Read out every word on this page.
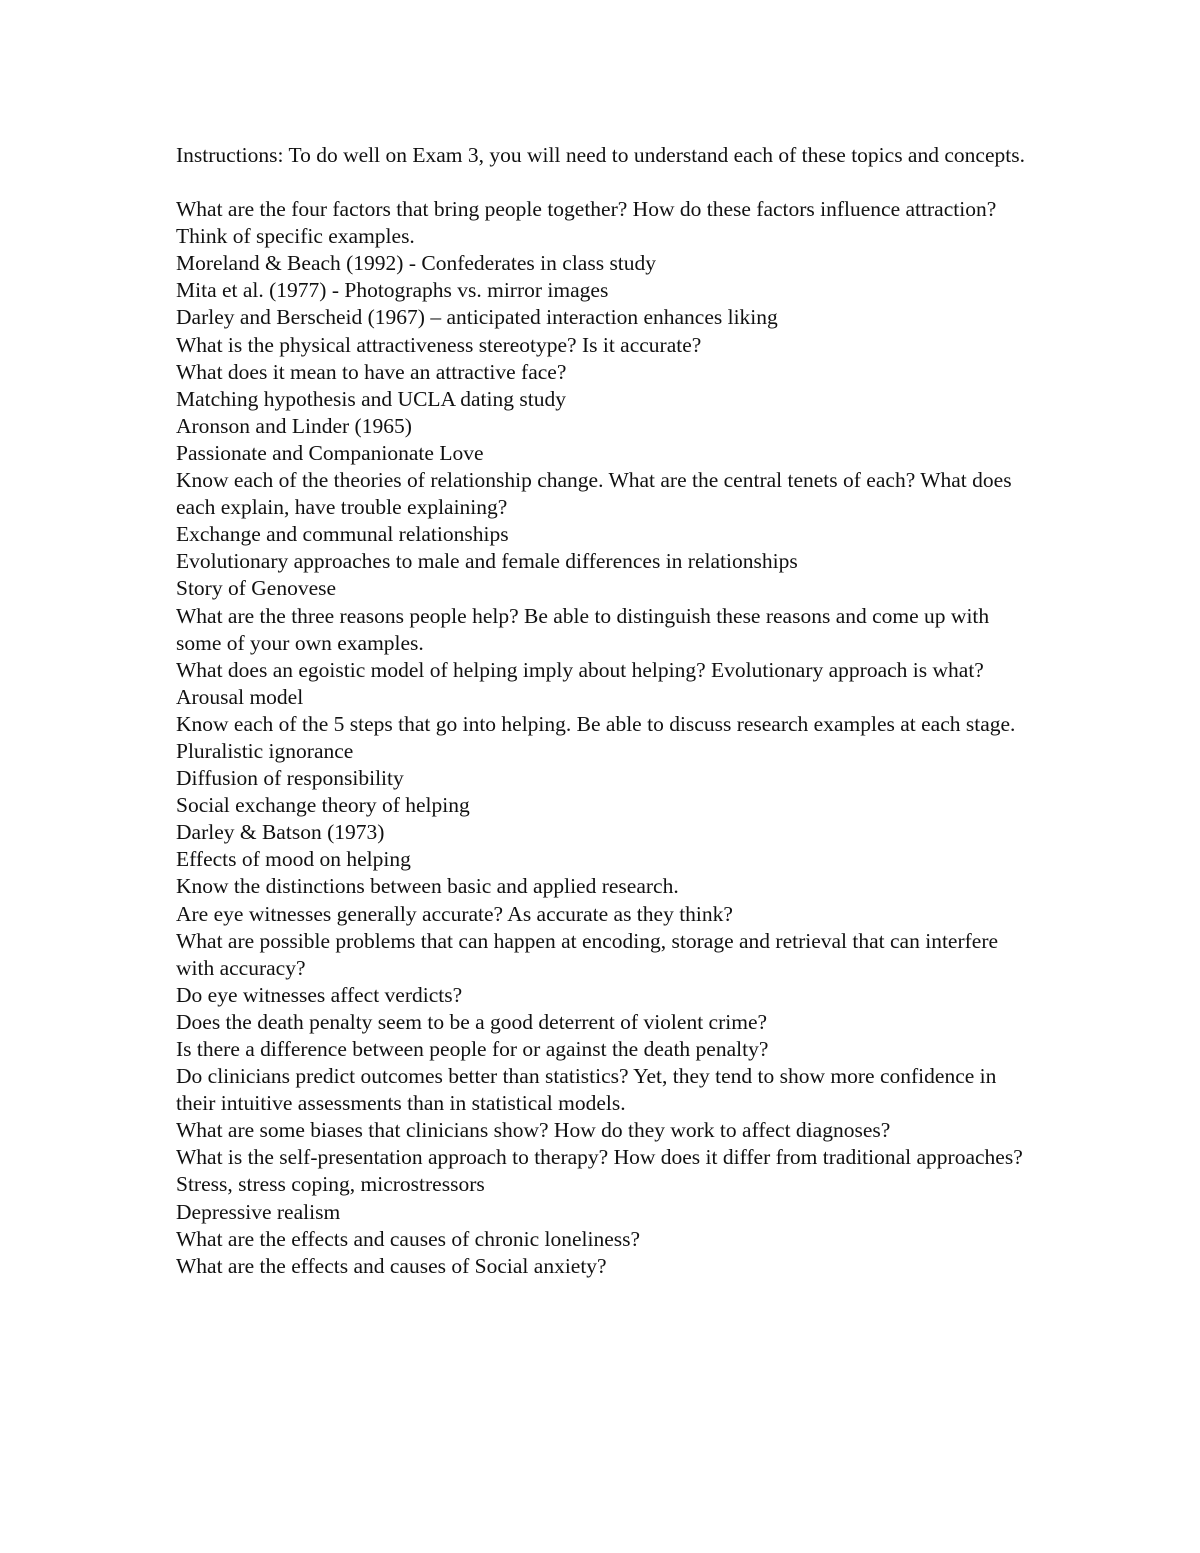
Instructions: To do well on Exam 3, you will need to understand each of these topics and concepts.

What are the four factors that bring people together? How do these factors influence attraction? Think of specific examples.

Moreland & Beach (1992) - Confederates in class study

Mita et al. (1977) - Photographs vs. mirror images

Darley and Berscheid (1967) – anticipated interaction enhances liking

What is the physical attractiveness stereotype? Is it accurate?

What does it mean to have an attractive face?

Matching hypothesis and UCLA dating study

Aronson and Linder (1965)

Passionate and Companionate Love

Know each of the theories of relationship change. What are the central tenets of each? What does each explain, have trouble explaining?

Exchange and communal relationships

Evolutionary approaches to male and female differences in relationships

Story of Genovese

What are the three reasons people help? Be able to distinguish these reasons and come up with some of your own examples.

What does an egoistic model of helping imply about helping? Evolutionary approach is what?

Arousal model

Know each of the 5 steps that go into helping. Be able to discuss research examples at each stage.

Pluralistic ignorance

Diffusion of responsibility

Social exchange theory of helping

Darley & Batson (1973)

Effects of mood on helping

Know the distinctions between basic and applied research.

Are eye witnesses generally accurate? As accurate as they think?

What are possible problems that can happen at encoding, storage and retrieval that can interfere with accuracy?

Do eye witnesses affect verdicts?

Does the death penalty seem to be a good deterrent of violent crime?

Is there a difference between people for or against the death penalty?

Do clinicians predict outcomes better than statistics? Yet, they tend to show more confidence in their intuitive assessments than in statistical models.

What are some biases that clinicians show? How do they work to affect diagnoses?

What is the self-presentation approach to therapy? How does it differ from traditional approaches?

Stress, stress coping, microstressors

Depressive realism

What are the effects and causes of chronic loneliness?

What are the effects and causes of Social anxiety?
